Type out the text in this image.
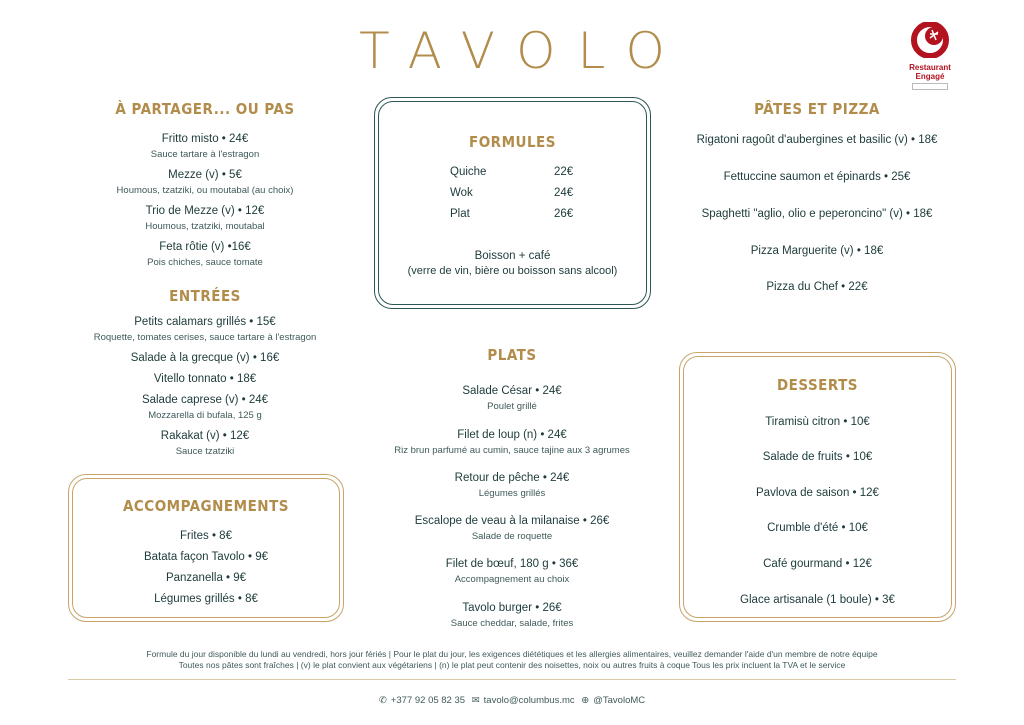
TAVOLO	Restaurant
Engagé
À PARTAGER... OU PAS
Fritto misto • 24€
Sauce tartare à l'estragon
Mezze (v) • 5€
Houmous, tzatziki, ou moutabal (au choix)
Trio de Mezze (v) • 12€
Houmous, tzatziki, moutabal
Feta rôtie (v) •16€
Pois chiches, sauce tomate
ENTRÉES
Petits calamars grillés • 15€
Roquette, tomates cerises, sauce tartare à l'estragon
Salade à la grecque (v) • 16€
Vitello tonnato • 18€
Salade caprese (v) • 24€
Mozzarella di bufala, 125 g
Rakakat (v) • 12€
Sauce tzatziki
ACCOMPAGNEMENTS
Frites • 8€
Batata façon Tavolo • 9€
Panzanella • 9€
Légumes grillés • 8€
FORMULES
Quiche	22€
Wok	24€
Plat	26€
Boisson + café
(verre de vin, bière ou boisson sans alcool)
PLATS
Salade César • 24€
Poulet grillé
Filet de loup (n) • 24€
Riz brun parfumé au cumin, sauce tajine aux 3 agrumes
Retour de pêche • 24€
Légumes grillés
Escalope de veau à la milanaise • 26€
Salade de roquette
Filet de bœuf, 180 g • 36€
Accompagnement au choix
Tavolo burger • 26€
Sauce cheddar, salade, frites
PÂTES ET PIZZA
Rigatoni ragoût d'aubergines et basilic (v) • 18€
Fettuccine saumon et épinards • 25€
Spaghetti "aglio, olio e peperoncino" (v) • 18€
Pizza Marguerite (v) • 18€
Pizza du Chef • 22€
DESSERTS
Tiramisù citron • 10€
Salade de fruits • 10€
Pavlova de saison • 12€
Crumble d'été • 10€
Café gourmand • 12€
Glace artisanale (1 boule) • 3€
Formule du jour disponible du lundi au vendredi, hors jour fériés | Pour le plat du jour, les exigences diététiques et les allergies alimentaires, veuillez demander l'aide d'un membre de notre équipe
Toutes nos pâtes sont fraîches | (v) le plat convient aux végétariens | (n) le plat peut contenir des noisettes, noix ou autres fruits à coque Tous les prix incluent la TVA et le service
✆ +377 92 05 82 35 ✉ tavolo@columbus.mc ⊕ @TavoloMC
